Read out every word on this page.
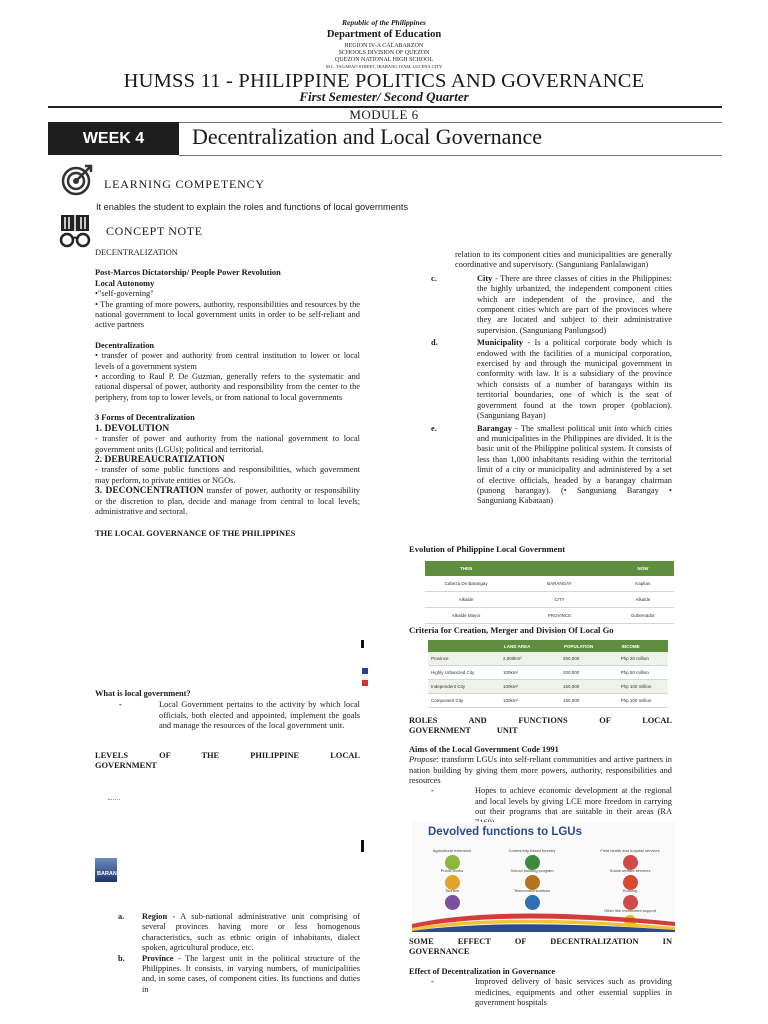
Republic of the Philippines
Department of Education
REGION IV-A CALABARZON
SCHOOLS DIVISION OF QUEZON
QUEZON NATIONAL HIGH SCHOOL
M.L. TAGARAO STREET, IBABANG IYAM, LUCENA CITY
HUMSS 11 - PHILIPPINE POLITICS AND GOVERNANCE
First Semester/ Second Quarter
MODULE 6
WEEK 4 Decentralization and Local Governance
LEARNING COMPETENCY
It enables the student to explain the roles and functions of local governments
CONCEPT NOTE
DECENTRALIZATION
Post-Marcos Dictatorship/ People Power Revolution
Local Autonomy
•"self-governing"
• The granting of more powers, authority, responsibilities and resources by the national government to local government units in order to be self-reliant and active partners
Decentralization
• transfer of power and authority from central institution to lower or local levels of a government system
• according to Raul P. De Guzman, generally refers to the systematic and rational dispersal of power, authority and responsibility from the center to the periphery, from top to lower levels, or from national to local governments
3 Forms of Decentralization
1. DEVOLUTION
- transfer of power and authority from the national government to local government units (LGUs); political and territorial.
2. DEBUREAUCRATIZATION
- transfer of some public functions and responsibilities, which government may perform, to private entities or NGOs.
3. DECONCENTRATION transfer of power, authority or responsibility or the discretion to plan, decide and manage from central to local levels; administrative and sectoral.
THE LOCAL GOVERNANCE OF THE PHILIPPINES
What is local government?
-	Local Government pertains to the activity by which local officials, both elected and appointed, implement the goals and manage the resources of the local government unit.
LEVELS OF THE PHILIPPINE LOCAL GOVERNMENT
BARAN
a.	Region - A sub-national administrative unit comprising of several provinces having more or less homogenous characteristics, such as ethnic origin of inhabitants, dialect spoken, agricultural produce, etc.
b.	Province - The largest unit in the political structure of the Philippines. It consists, in varying numbers, of municipalities and, in some cases, of component cities. Its functions and duties in
relation to its component cities and municipalities are generally coordinative and supervisory. (Sanguniang Panlalawigan)
c.	City - There are three classes of cities in the Philippines: the highly urbanized, the independent component cities which are independent of the province, and the component cities which are part of the provinces where they are located and subject to their administrative supervision. (Sanguniang Panlungsod)
d.	Municipality - Is a political corporate body which is endowed with the facilities of a municipal corporation, exercised by and through the municipal government in conformity with law. It is a subsidiary of the province which consists of a number of barangays within its territorial boundaries, one of which is the seat of government found at the town proper (poblacion). (Sanguniang Bayan)
e.	Barangay - The smallest political unit into which cities and municipalities in the Philippines are divided. It is the basic unit of the Philippine political system. It consists of less than 1,000 inhabitants residing within the territorial limit of a city or municipality and administered by a set of elective officials, headed by a barangay chairman (punong barangay). (• Sanguniang Barangay • Sanguniang Kabataan)
Evolution of Philippine Local Government
THEN		NOW
Cabeza De Barangay	BARANGAY	Kapitan
Alkalde	CITY	Alkalde
Alkalde Mayor	PROVINCE	Gobernador
Criteria for Creation, Merger and Division Of Local Go
	LAND AREA	POPULATION	INCOME
Province	2,000km²	250,000	Php 20 million
Highly Urbanized City	100km²	200,000	Php 50 million
Independent City	100km²	150,000	Php 100 million
Component City	100km²	150,000	Php 100 million
ROLES AND FUNCTIONS OF LOCAL GOVERNMENT UNIT
Aims of the Local Government Code 1991
Propose: transform LGUs into self-reliant communities and active partners in nation building by giving them more powers, authority, responsibilities and resources
-	Hopes to achieve economic development at the regional and local levels by giving LCE more freedom in carrying out their programs that are suitable in their areas (RA
Devolved functions to LGUs
Agricultural extension	Community based forestry	Field health and hospital services
Public works	School building program	Social welfare services
Tourism	Telecommunications	Housing
Other like investment support
SOME EFFECT OF DECENTRALIZATION IN GOVERNANCE
Effect of Decentralization in Governance
-	Improved delivery of basic services such as providing medicines, equipments and other essential supplies in government hospitals
